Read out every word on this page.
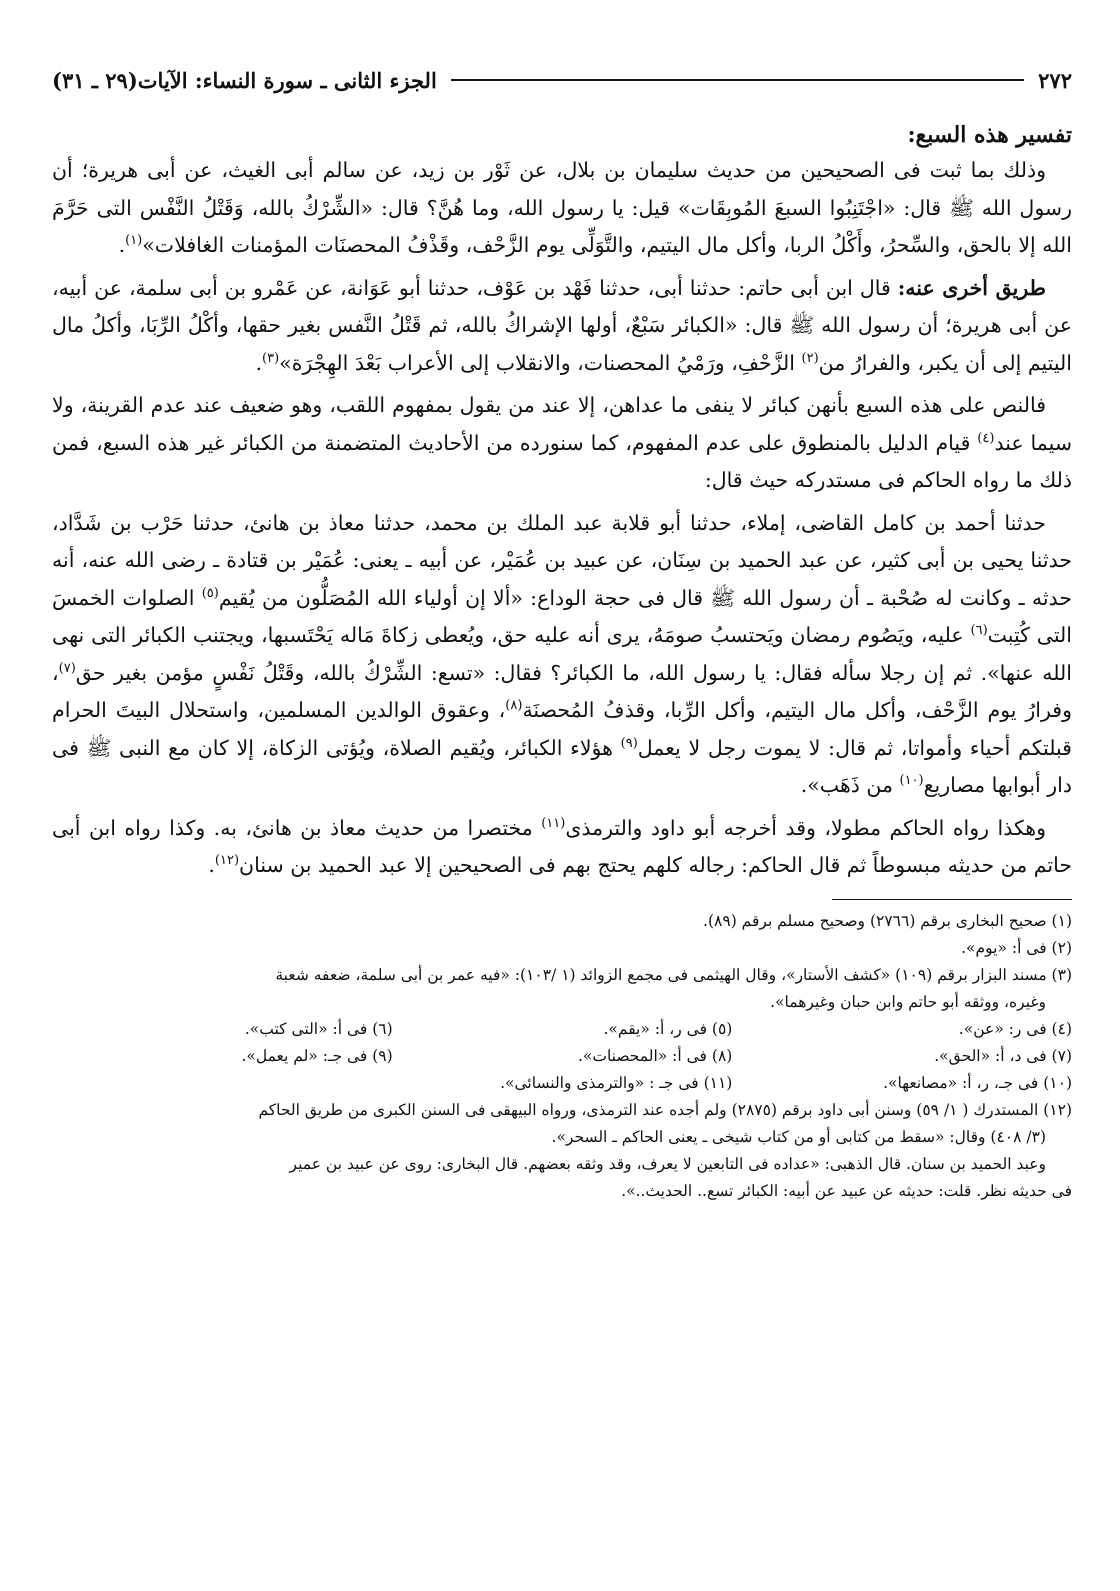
٢٧٢
الجزء الثانى ـ سورة النساء: الآيات(٢٩ ـ ٣١)
تفسير هذه السبع:

وذلك بما ثبت فى الصحيحين من حديث سليمان بن بلال، عن ثَوْر بن زيد، عن سالم أبى الغيث، عن أبى هريرة؛ أن رسول الله ﷺ قال: «اجْتَنِبُوا السبعَ المُوبِقَات» قيل: يا رسول الله، وما هُنَّ؟ قال: «الشِّرْكُ بالله، وَقَتْلُ النَّفْس التى حَرَّمَ الله إلا بالحق، والسِّحرُ، وأَكْلُ الربا، وأكل مال اليتيم، والتَّوَلِّى يوم الزَّحْف، وقَذْفُ المحصنَات المؤمنات الغافلات»$^{(١)}$.

طريق أخرى عنه: قال ابن أبى حاتم: حدثنا أبى، حدثنا فَهْد بن عَوْف، حدثنا أبو عَوَانة، عن عَمْرو بن أبى سلمة، عن أبيه، عن أبى هريرة؛ أن رسول الله ﷺ قال: «الكبائر سَبْعٌ، أولها الإشراكُ بالله، ثم قَتْلُ النَّفس بغير حقها، وأكْلُ الرِّبَا، وأكلُ مال اليتيم إلى أن يكبر، والفرارُ من$^{(٢)}$ الزَّحْفِ، ورَمْيُ المحصنات، والانقلاب إلى الأعراب بَعْدَ الهِجْرَة»$^{(٣)}$.

فالنص على هذه السبع بأنهن كبائر لا ينفى ما عداهن، إلا عند من يقول بمفهوم اللقب، وهو ضعيف عند عدم القرينة، ولا سيما عند$^{(٤)}$ قيام الدليل بالمنطوق على عدم المفهوم، كما سنورده من الأحاديث المتضمنة من الكبائر غير هذه السبع، فمن ذلك ما رواه الحاكم فى مستدركه حيث قال:

حدثنا أحمد بن كامل القاضى، إملاء، حدثنا أبو قلابة عبد الملك بن محمد، حدثنا معاذ بن هانئ، حدثنا حَرْب بن شَدَّاد، حدثنا يحيى بن أبى كثير، عن عبد الحميد بن سِنَان، عن عبيد بن عُمَيْر، عن أبيه ـ يعنى: عُمَيْر بن قتادة ـ رضى الله عنه، أنه حدثه ـ وكانت له صُحْبة ـ أن رسول الله ﷺ قال فى حجة الوداع: «ألا إن أولياء الله المُصَلُّون من يُقيم$^{(٥)}$ الصلوات الخمسَ التى كُتِبت$^{(٦)}$ عليه، ويَصُوم رمضان ويَحتسبُ صومَهُ، يرى أنه عليه حق، ويُعطى زكاةَ مَاله يَحْتَسبها، ويجتنب الكبائر التى نهى الله عنها». ثم إن رجلا سأله فقال: يا رسول الله، ما الكبائر؟ فقال: «تسع: الشِّرْكُ بالله، وقَتْلُ نَفْسٍ مؤمن بغير حق$^{(٧)}$، وفرارُ يوم الزَّحْف، وأكل مال اليتيم، وأكل الرِّبا، وقذفُ المُحصنَة$^{(٨)}$، وعقوق الوالدين المسلمين، واستحلال البيتَ الحرام قبلتكم أحياء وأمواتا، ثم قال: لا يموت رجل لا يعمل$^{(٩)}$ هؤلاء الكبائر، ويُقيم الصلاة، ويُؤتى الزكاة، إلا كان مع النبى ﷺ فى دار أبوابها مصاريع$^{(١٠)}$ من ذَهَب».

وهكذا رواه الحاكم مطولا، وقد أخرجه أبو داود والترمذى$^{(١١)}$ مختصرا من حديث معاذ بن هانئ، به. وكذا رواه ابن أبى حاتم من حديثه مبسوطاً ثم قال الحاكم: رجاله كلهم يحتج بهم فى الصحيحين إلا عبد الحميد بن سنان$^{(١٢)}$.

(١) صحيح البخارى برقم (٢٧٦٦) وصحيح مسلم برقم (٨٩).

(٢) فى أ: «يوم».

(٣) مسند البزار برقم (١٠٩) «كشف الأستار»، وقال الهيثمى فى مجمع الزوائد (١ /١٠٣): «فيه عمر بن أبى سلمة، ضعفه شعبة

وغيره، ووثقه أبو حاتم وابن حبان وغيرهما».

(٤) فى ر: «عن».
(٥) فى ر، أ: «يقم».
(٦) فى أ: «التى كتب».
(٧) فى د، أ: «الحق».
(٨) فى أ: «المحصنات».
(٩) فى جـ: «لم يعمل».
(١٠) فى جـ، ر، أ: «مصانعها».
(١١) فى جـ : «والترمذى والنسائى».

(١٢) المستدرك ( ١/ ٥٩) وسنن أبى داود برقم (٢٨٧٥) ولم أجده عند الترمذى، ورواه البيهقى فى السنن الكبرى من طريق الحاكم

(٣/ ٤٠٨) وقال: «سقط من كتابى أو من كتاب شيخى ـ يعنى الحاكم ـ السحر».

وعبد الحميد بن سنان. قال الذهبى: «عداده فى التابعين لا يعرف، وقد وثقه بعضهم. قال البخارى: روى عن عبيد بن عمير

فى حديثه نظر. قلت: حديثه عن عبيد عن أبيه: الكبائر تسع.. الحديث..».
